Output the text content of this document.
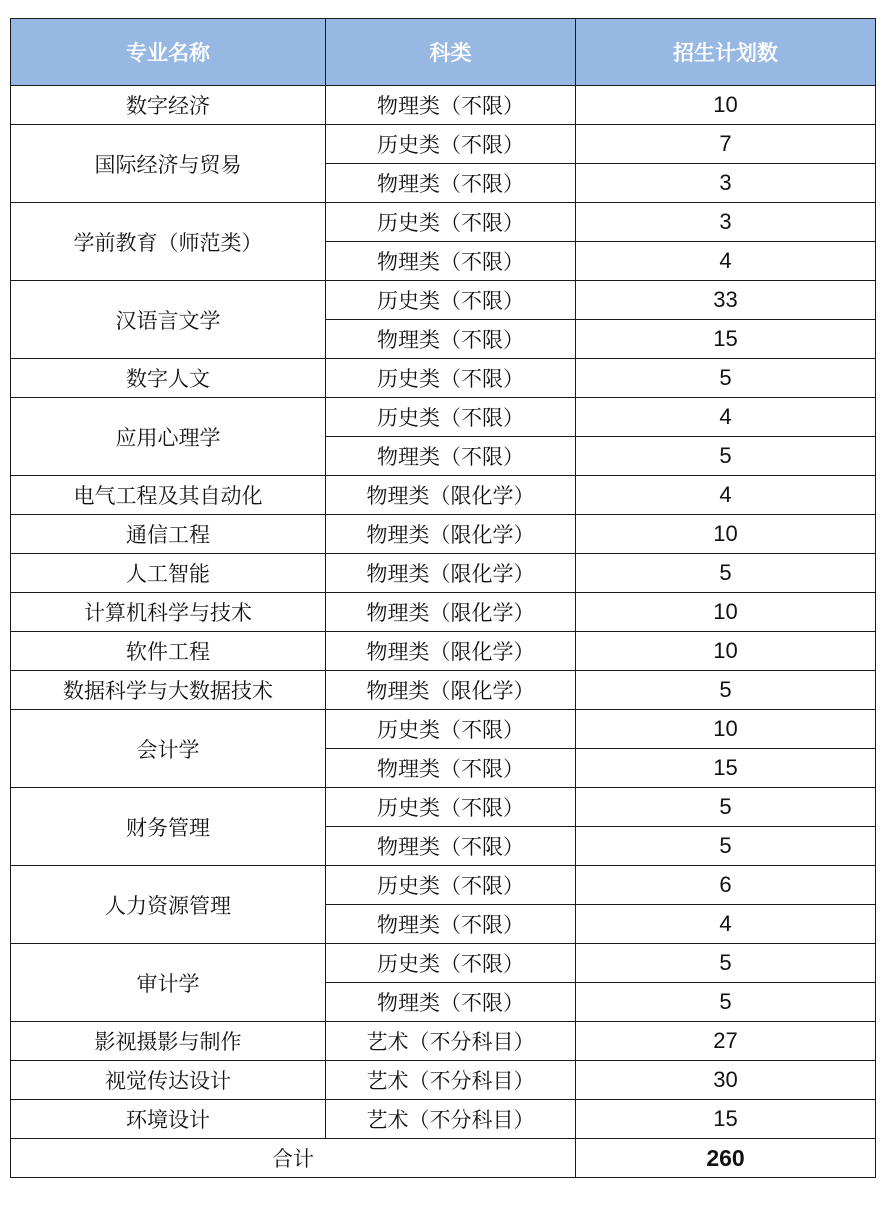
专业名称	科类	招生计划数
数字经济	物理类（不限）	10
国际经济与贸易	历史类（不限）	7
	物理类（不限）	3
学前教育（师范类）	历史类（不限）	3
	物理类（不限）	4
汉语言文学	历史类（不限）	33
	物理类（不限）	15
数字人文	历史类（不限）	5
应用心理学	历史类（不限）	4
	物理类（不限）	5
电气工程及其自动化	物理类（限化学）	4
通信工程	物理类（限化学）	10
人工智能	物理类（限化学）	5
计算机科学与技术	物理类（限化学）	10
软件工程	物理类（限化学）	10
数据科学与大数据技术	物理类（限化学）	5
会计学	历史类（不限）	10
	物理类（不限）	15
财务管理	历史类（不限）	5
	物理类（不限）	5
人力资源管理	历史类（不限）	6
	物理类（不限）	4
审计学	历史类（不限）	5
	物理类（不限）	5
影视摄影与制作	艺术（不分科目）	27
视觉传达设计	艺术（不分科目）	30
环境设计	艺术（不分科目）	15
合计		260
